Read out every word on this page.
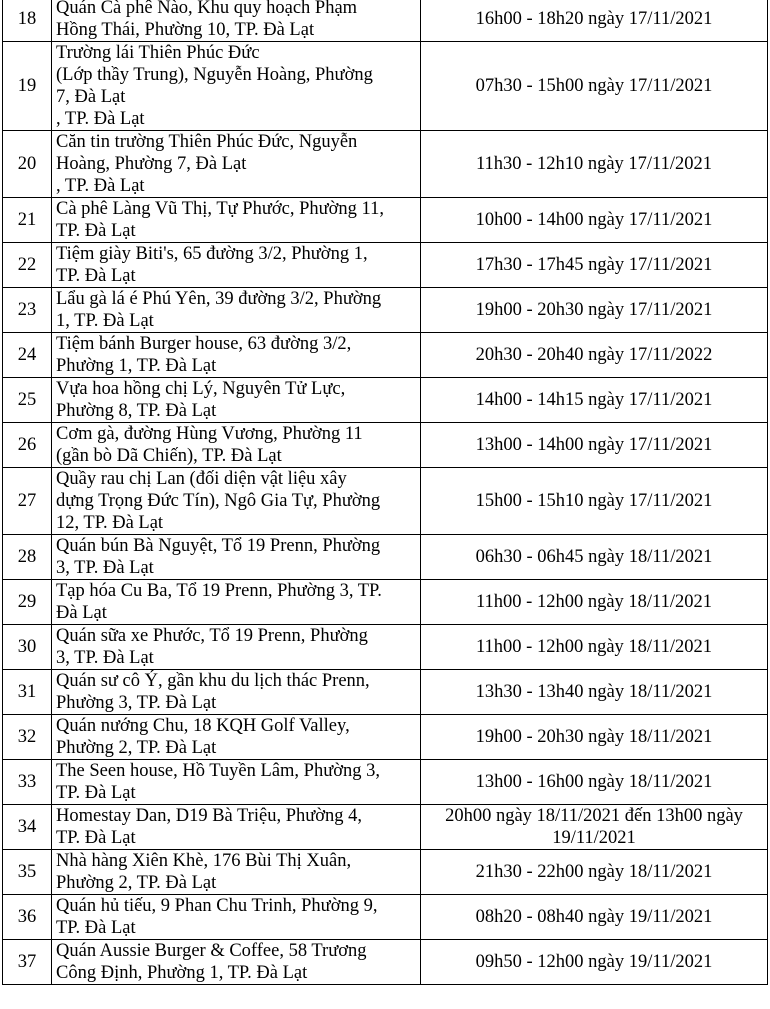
18	Quán Cà phê Nào, Khu quy hoạch Phạm
Hồng Thái, Phường 10, TP. Đà Lạt	16h00 - 18h20 ngày 17/11/2021
19	Trường lái Thiên Phúc Đức
(Lớp thầy Trung), Nguyễn Hoàng, Phường
7, Đà Lạt
, TP. Đà Lạt	07h30 - 15h00 ngày 17/11/2021
20	Căn tin trường Thiên Phúc Đức, Nguyễn
Hoàng, Phường 7, Đà Lạt
, TP. Đà Lạt	11h30 - 12h10 ngày 17/11/2021
21	Cà phê Làng Vũ Thị, Tự Phước, Phường 11,
TP. Đà Lạt	10h00 - 14h00 ngày 17/11/2021
22	Tiệm giày Biti's, 65 đường 3/2, Phường 1,
TP. Đà Lạt	17h30 - 17h45 ngày 17/11/2021
23	Lẩu gà lá é Phú Yên, 39 đường 3/2, Phường
1, TP. Đà Lạt	19h00 - 20h30 ngày 17/11/2021
24	Tiệm bánh Burger house, 63 đường 3/2,
Phường 1, TP. Đà Lạt	20h30 - 20h40 ngày 17/11/2022
25	Vựa hoa hồng chị Lý, Nguyên Tử Lực,
Phường 8, TP. Đà Lạt	14h00 - 14h15 ngày 17/11/2021
26	Cơm gà, đường Hùng Vương, Phường 11
(gần bò Dã Chiến), TP. Đà Lạt	13h00 - 14h00 ngày 17/11/2021
27	Quầy rau chị Lan (đối diện vật liệu xây
dựng Trọng Đức Tín), Ngô Gia Tự, Phường
12, TP. Đà Lạt	15h00 - 15h10 ngày 17/11/2021
28	Quán bún Bà Nguyệt, Tổ 19 Prenn, Phường
3, TP. Đà Lạt	06h30 - 06h45 ngày 18/11/2021
29	Tạp hóa Cu Ba, Tổ 19 Prenn, Phường 3, TP.
Đà Lạt	11h00 - 12h00 ngày 18/11/2021
30	Quán sữa xe Phước, Tổ 19 Prenn, Phường
3, TP. Đà Lạt	11h00 - 12h00 ngày 18/11/2021
31	Quán sư cô Ý, gần khu du lịch thác Prenn,
Phường 3, TP. Đà Lạt	13h30 - 13h40 ngày 18/11/2021
32	Quán nướng Chu, 18 KQH Golf Valley,
Phường 2, TP. Đà Lạt	19h00 - 20h30 ngày 18/11/2021
33	The Seen house, Hồ Tuyền Lâm, Phường 3,
TP. Đà Lạt	13h00 - 16h00 ngày 18/11/2021
34	Homestay Dan, D19 Bà Triệu, Phường 4,
TP. Đà Lạt	20h00 ngày 18/11/2021 đến 13h00 ngày 19/11/2021
35	Nhà hàng Xiên Khè, 176 Bùi Thị Xuân,
Phường 2, TP. Đà Lạt	21h30 - 22h00 ngày 18/11/2021
36	Quán hủ tiếu, 9 Phan Chu Trinh, Phường 9,
TP. Đà Lạt	08h20 - 08h40 ngày 19/11/2021
37	Quán Aussie Burger & Coffee, 58 Trương
Công Định, Phường 1, TP. Đà Lạt	09h50 - 12h00 ngày 19/11/2021
